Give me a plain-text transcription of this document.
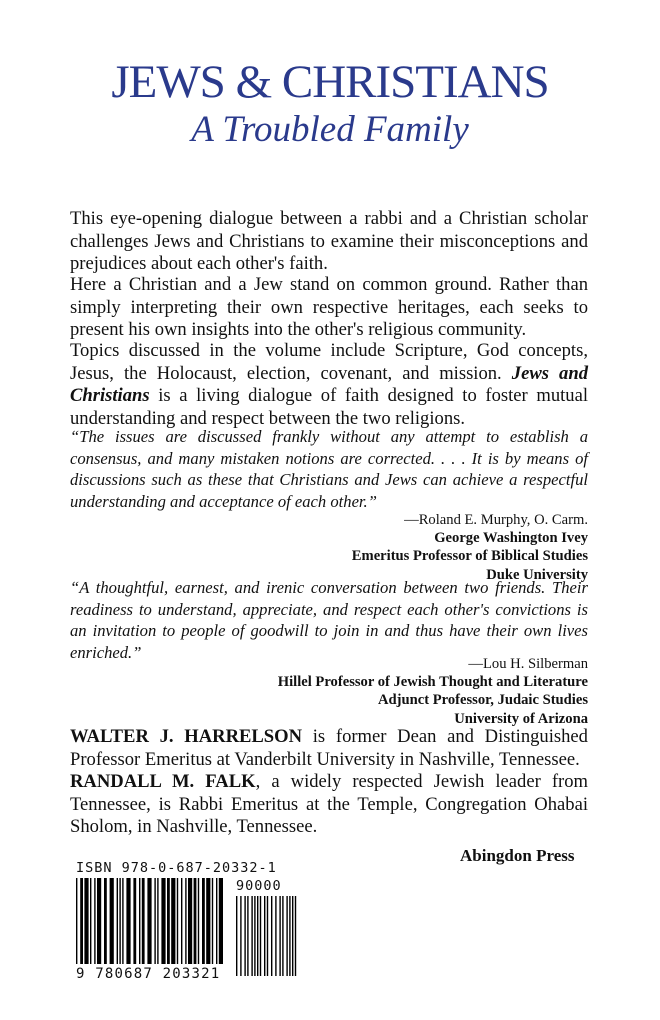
JEWS & CHRISTIANS
A Troubled Family

This eye-opening dialogue between a rabbi and a Christian scholar challenges Jews and Christians to examine their misconceptions and prejudices about each other's faith.

Here a Christian and a Jew stand on common ground. Rather than simply interpreting their own respective heritages, each seeks to present his own insights into the other's religious community.

Topics discussed in the volume include Scripture, God concepts, Jesus, the Holocaust, election, covenant, and mission. Jews and Christians is a living dialogue of faith designed to foster mutual understanding and respect between the two religions.

“The issues are discussed frankly without any attempt to establish a consensus, and many mistaken notions are corrected. . . . It is by means of discussions such as these that Christians and Jews can achieve a respectful understanding and acceptance of each other.”

—Roland E. Murphy, O. Carm.
George Washington Ivey
Emeritus Professor of Biblical Studies
Duke University

“A thoughtful, earnest, and irenic conversation between two friends. Their readiness to understand, appreciate, and respect each other's convictions is an invitation to people of goodwill to join in and thus have their own lives enriched.”

—Lou H. Silberman
Hillel Professor of Jewish Thought and Literature
Adjunct Professor, Judaic Studies
University of Arizona

WALTER J. HARRELSON is former Dean and Distinguished Professor Emeritus at Vanderbilt University in Nashville, Tennessee.

RANDALL M. FALK, a widely respected Jewish leader from Tennessee, is Rabbi Emeritus at the Temple, Congregation Ohabai Sholom, in Nashville, Tennessee.

Abingdon Press
ISBN 978-0-687-20332-1
90000
9 780687 203321
